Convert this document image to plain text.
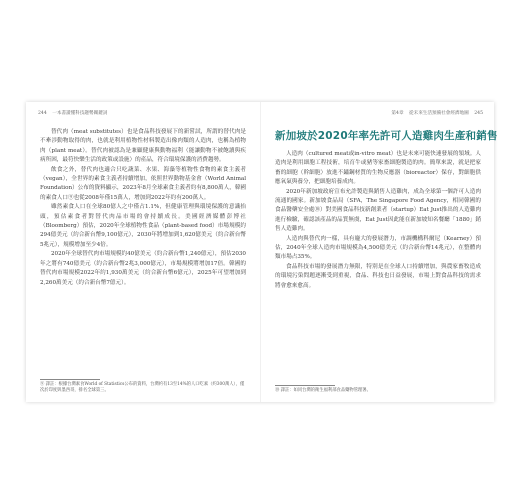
244 一本書讀懂科技趨勢關鍵詞

替代肉（meat substitutes）也是食品科技發展下的新嘗試，所謂的替代肉是不牽涉動物取得的肉，也就是利用植物性材料製造出像肉類的人造肉，也稱為植物肉（plant meat）。替代肉被認為是兼顧健康與動物福利（能讓動物不被飽讀與疾病所困，最符快樂生活的政策或設施）的產品，符合環境保護的消費趨勢。

飲食之外，替代肉也適合只吃蔬菜、水果、海藻等植物性食物的素食主義者（vegan），全世界的素食主義者持續增加，依照世界動物基金會（World Animal Foundation）公布的資料顯示，2023年8月全球素食主義者約有8,800萬人，韓國的素食人口⑨也從2008年僅15萬人，增加到2022年約有200萬人。

雖然素食人口在全球80億人之中僅占1.1%，但健康管理與環境保護的意識抬頭，預估素食者對替代肉品市場的會持續成長。美國經濟媒體彭博社（Bloomberg）預估，2020年全球植物性食品（plant-based food）市場規模約294億美元（約合新台幣9,100億元），2030年將增加到1,620億美元（約合新台幣5兆元），規模增加至少4倍。

2020年全球替代肉市場規模約40億美元（約合新台幣1,240億元），預估2030年之將有740億美元（約合新台幣2兆3,000億元），市場規模將增加17倍。韓國的替代肉市場規模2022年約1,930萬美元（約合新台幣6億元），2025年可望增加到2,260萬美元（約合新台幣7億元）。

⑨ 譯註：根據台灣素食World of Statistics公布的資料，台灣約有13至14%的人口吃素（約300萬人），僅次於印度與墨西哥，排名全球第三。
第4章 從未來生活預備社會經濟地圖 245
新加坡於2020年率先許可人造雞肉生產和銷售

人造肉（cultured meat或in-vitro meat）也是未來可能快速發展的領域。人造肉是利用細胞工程技術，培育牛或豬等家畜細胞製造的肉。簡單來說，就是把家畜的細胞（幹細胞）放進不鏽鋼材質的生物反應器（bioreactor）保存，對細胞供應氧氣與養分，把細胞培養成肉。

2020年新加坡政府宣布允許製造與銷售人造雞肉，成為全球第一個許可人造肉流通的國家。新加坡食品局（SFA，The Singapore Food Agency，相同韓國的食品醫藥安全處⑩）對美國食品科技新創業者（startup）Eat Just推出的人造雞肉進行檢驗，確認該產品的品質無虞，Eat Just因此能在新加坡知名餐廳「1880」銷售人造雞肉。

人造肉與替代肉一樣，具有龐大的發展潛力，市調機構科爾尼（Kearney）預估，2040年全球人造肉市場規模為4,500億美元（約合新台幣14兆元），在整體肉類市場占35%。

食品科技市場的發展潛力無限，特別是在全球人口持續增加，與農家畜牧造成的環境污染問題逐漸受到重視，食品、科技也日益發展，市場上對食品科技的需求將會愈來愈高。

⑩ 譯註：如同台灣的衛生福利部食品藥物管理署。
